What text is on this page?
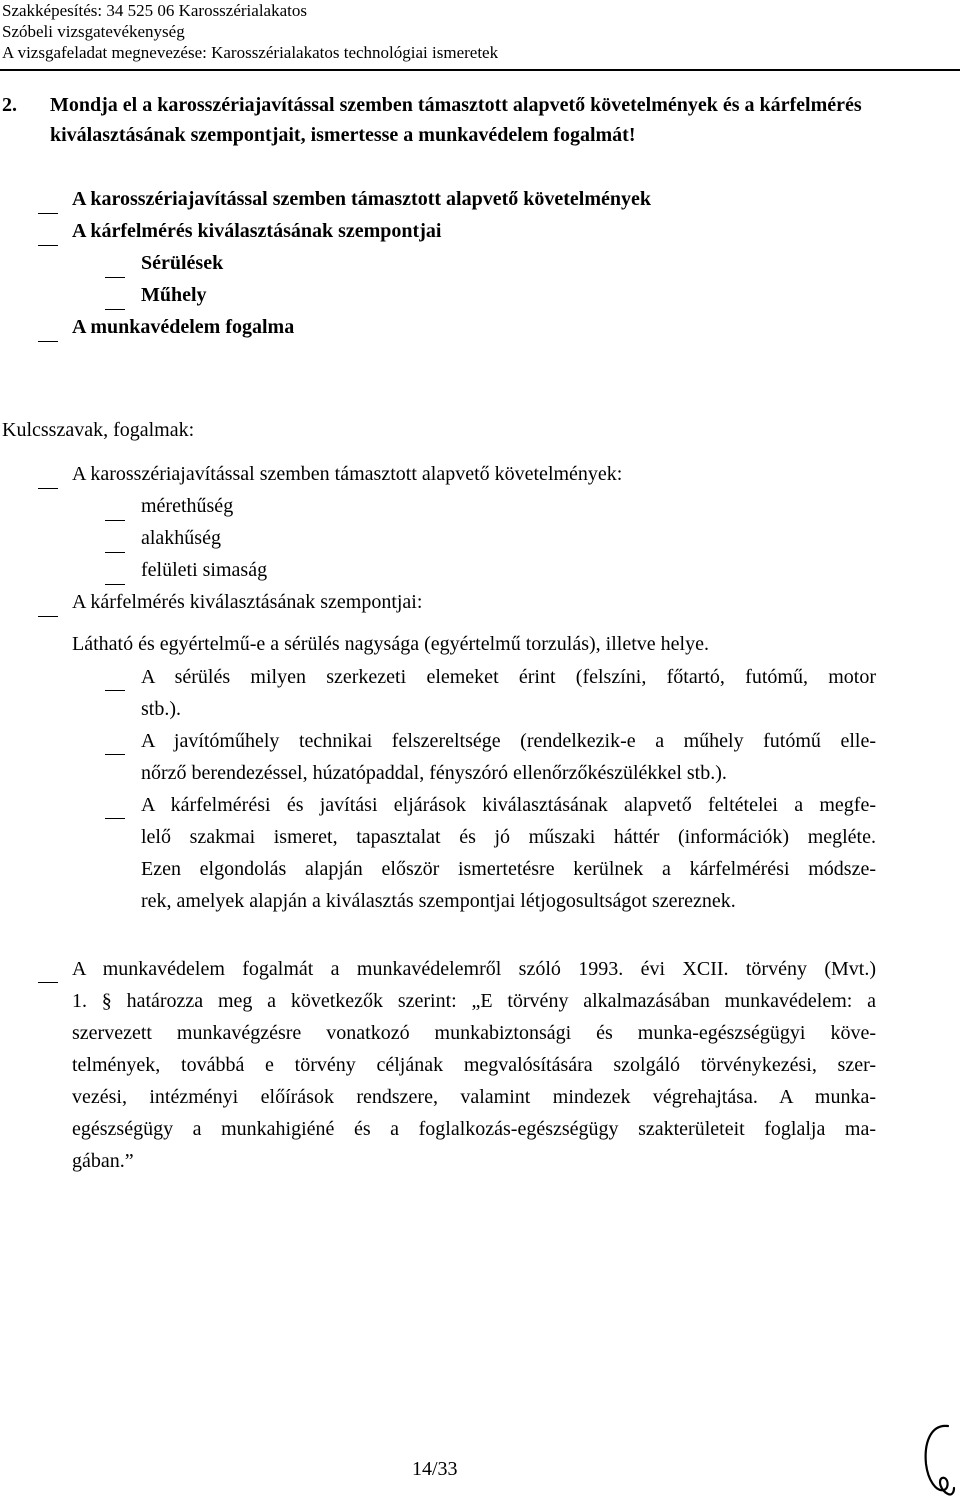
Szakképesítés: 34 525 06 Karosszérialakatos
Szóbeli vizsgatevékenység
A vizsgafeladat megnevezése: Karosszérialakatos technológiai ismeretek
2. Mondja el a karosszériajavítással szemben támasztott alapvető követelmények és a kárfelmérés kiválasztásának szempontjait, ismertesse a munkavédelem fogalmát!
A karosszériajavítással szemben támasztott alapvető követelmények
A kárfelmérés kiválasztásának szempontjai
Sérülések
Műhely
A munkavédelem fogalma
Kulcsszavak, fogalmak:
A karosszériajavítással szemben támasztott alapvető követelmények:
mérethűség
alakhűség
felületi simaság
A kárfelmérés kiválasztásának szempontjai:
Látható és egyértelmű-e a sérülés nagysága (egyértelmű torzulás), illetve helye.
A sérülés milyen szerkezeti elemeket érint (felszíni, főtartó, futómű, motor
stb.).
A javítóműhely technikai felszereltsége (rendelkezik-e a műhely futómű elle-
nőrző berendezéssel, húzatópaddal, fényszóró ellenőrzőkészülékkel stb.).
A kárfelmérési és javítási eljárások kiválasztásának alapvető feltételei a megfe-
lelő szakmai ismeret, tapasztalat és jó műszaki háttér (információk) megléte.
Ezen elgondolás alapján először ismertetésre kerülnek a kárfelmérési módsze-
rek, amelyek alapján a kiválasztás szempontjai létjogosultságot szereznek.
A munkavédelem fogalmát a munkavédelemről szóló 1993. évi XCII. törvény (Mvt.)
1. § határozza meg a következők szerint: „E törvény alkalmazásában munkavédelem: a
szervezett munkavégzésre vonatkozó munkabiztonsági és munka-egészségügyi köve-
telmények, továbbá e törvény céljának megvalósítására szolgáló törvénykezési, szer-
vezési, intézményi előírások rendszere, valamint mindezek végrehajtása. A munka-
egészségügy a munkahigiéné és a foglalkozás-egészségügy szakterületeit foglalja ma-
gában.”
14/33
